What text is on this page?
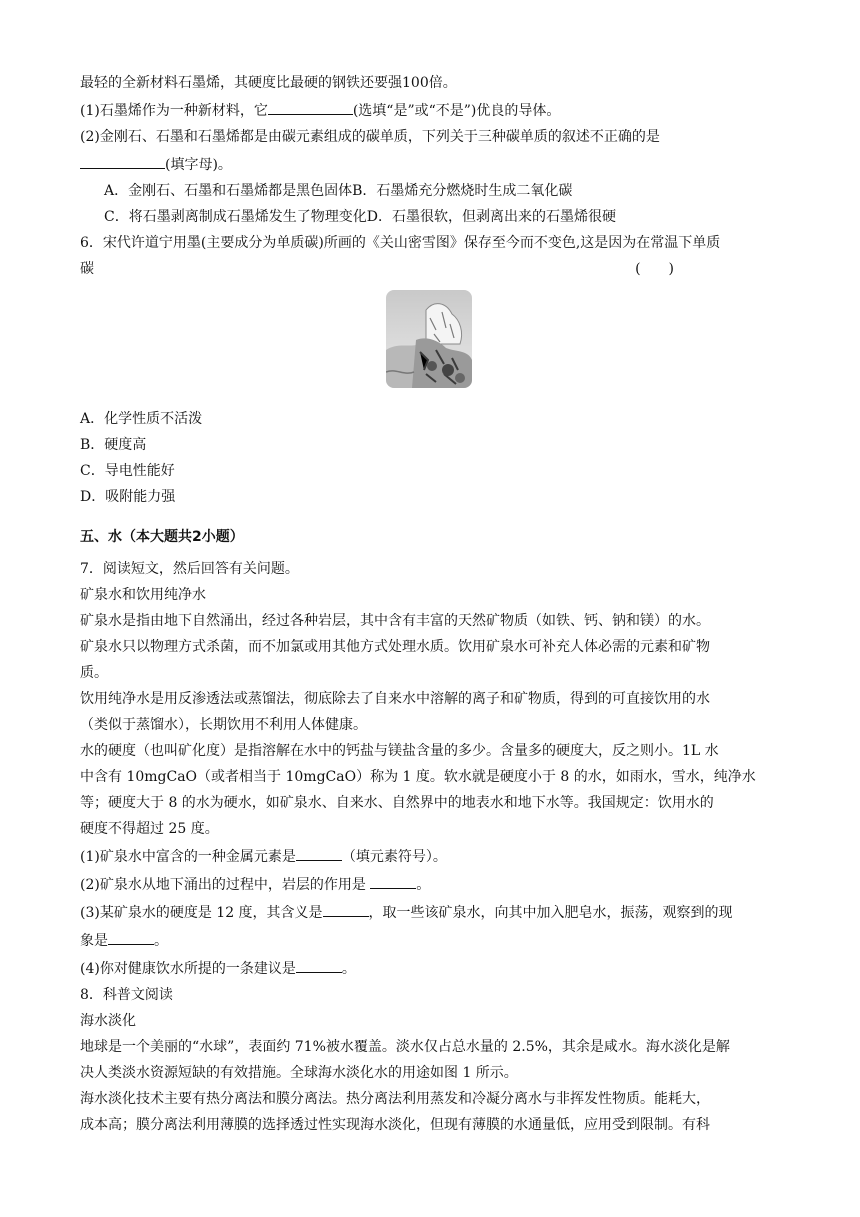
最轻的全新材料石墨烯，其硬度比最硬的钢铁还要强100倍。
(1)石墨烯作为一种新材料，它	(选填“是”或“不是”)优良的导体。
(2)金刚石、石墨和石墨烯都是由碳元素组成的碳单质，下列关于三种碳单质的叙述不正确的是
(填字母)。
A．金刚石、石墨和石墨烯都是黑色固体B．石墨烯充分燃烧时生成二氧化碳
C．将石墨剥离制成石墨烯发生了物理变化D．石墨很软，但剥离出来的石墨烯很硬
6．宋代许道宁用墨(主要成分为单质碳)所画的《关山密雪图》保存至今而不变色,这是因为在常温下单质
碳	(　　)
A．化学性质不活泼
B．硬度高
C．导电性能好
D．吸附能力强
五、水（本大题共2小题）
7．阅读短文，然后回答有关问题。
矿泉水和饮用纯净水
矿泉水是指由地下自然涌出，经过各种岩层，其中含有丰富的天然矿物质（如铁、钙、钠和镁）的水。
矿泉水只以物理方式杀菌，而不加氯或用其他方式处理水质。饮用矿泉水可补充人体必需的元素和矿物
质。
饮用纯净水是用反渗透法或蒸馏法，彻底除去了自来水中溶解的离子和矿物质，得到的可直接饮用的水
（类似于蒸馏水），长期饮用不利用人体健康。
水的硬度（也叫矿化度）是指溶解在水中的钙盐与镁盐含量的多少。含量多的硬度大，反之则小。1L 水
中含有 10mgCaO（或者相当于 10mgCaO）称为 1 度。软水就是硬度小于 8 的水，如雨水，雪水，纯净水
等；硬度大于 8 的水为硬水，如矿泉水、自来水、自然界中的地表水和地下水等。我国规定：饮用水的
硬度不得超过 25 度。
(1)矿泉水中富含的一种金属元素是	（填元素符号）。
(2)矿泉水从地下涌出的过程中，岩层的作用是	。
(3)某矿泉水的硬度是 12 度，其含义是	，取一些该矿泉水，向其中加入肥皂水，振荡，观察到的现
象是	。
(4)你对健康饮水所提的一条建议是	。
8．科普文阅读
海水淡化
地球是一个美丽的“水球”，表面约 71%被水覆盖。淡水仅占总水量的 2.5%，其余是咸水。海水淡化是解
决人类淡水资源短缺的有效措施。全球海水淡化水的用途如图 1 所示。
海水淡化技术主要有热分离法和膜分离法。热分离法利用蒸发和冷凝分离水与非挥发性物质。能耗大，
成本高；膜分离法利用薄膜的选择透过性实现海水淡化，但现有薄膜的水通量低，应用受到限制。有科
